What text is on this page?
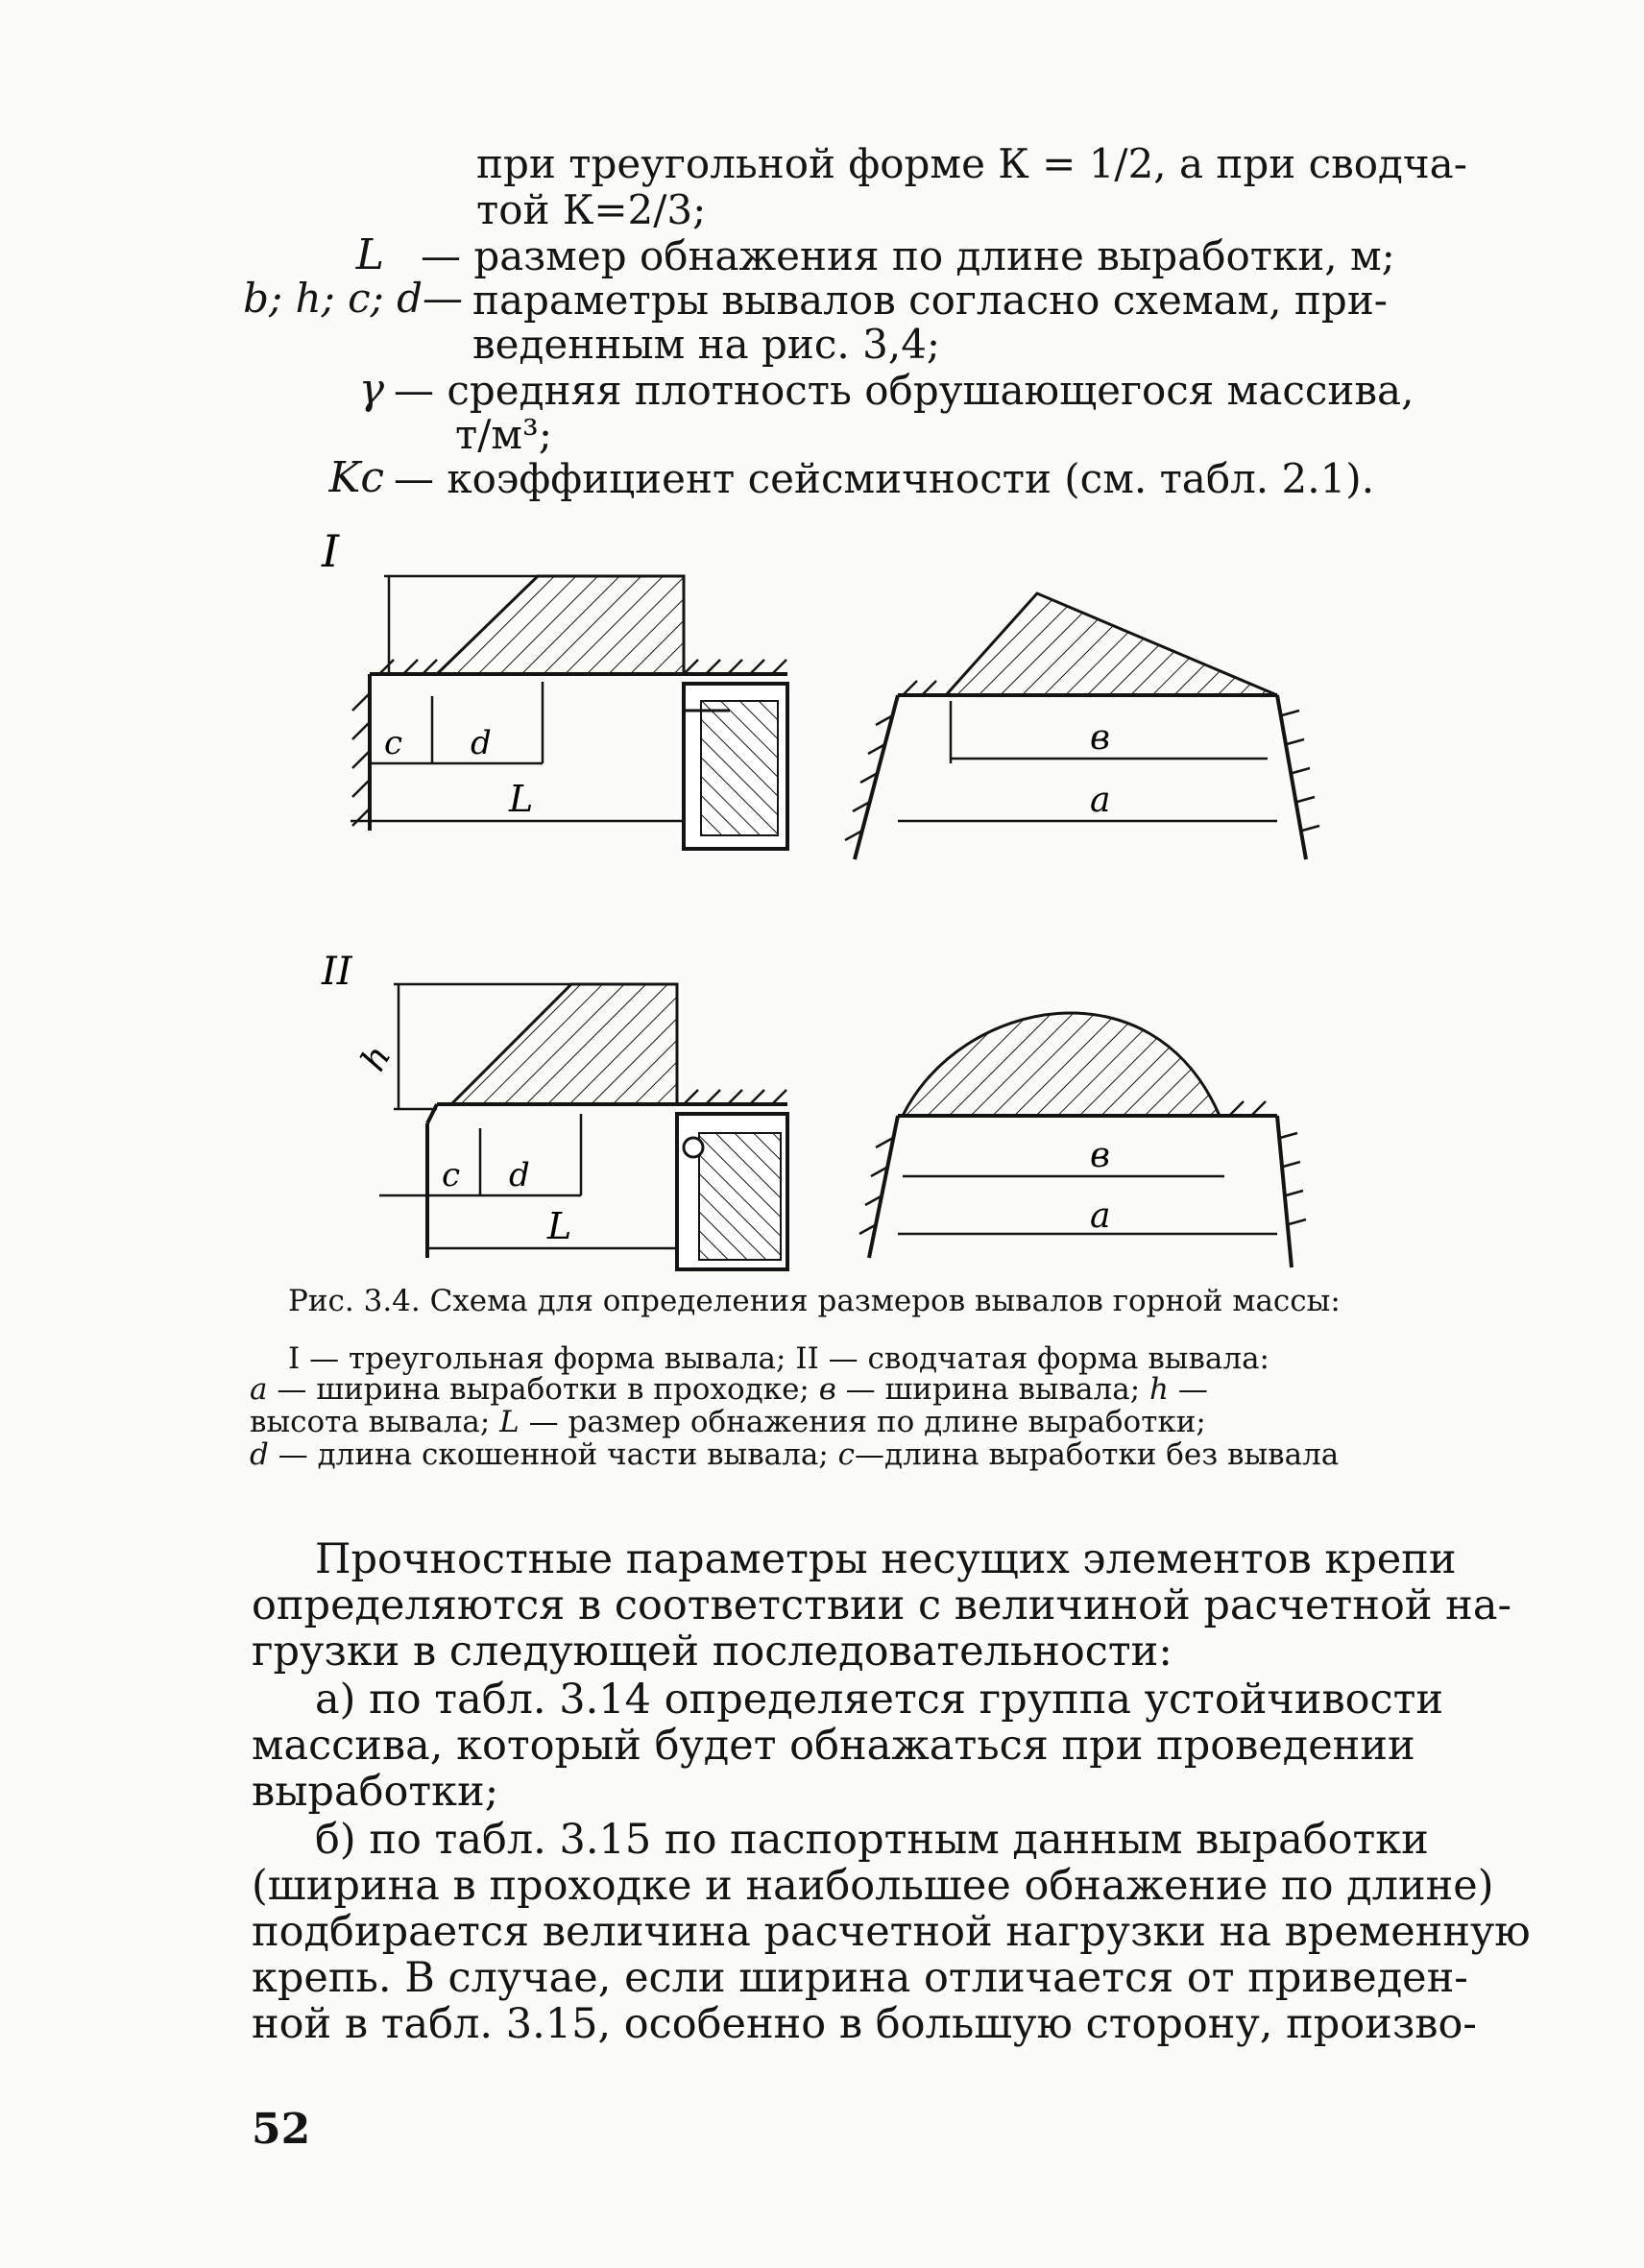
при треугольной форме К = 1/2, а при сводча-
той К=2/3;
L — размер обнажения по длине выработки, м;
b; h; c; d— параметры вывалов согласно схемам, при-
веденным на рис. 3,4;
γ — средняя плотность обрушающегося массива,
т/м³;
Kc — коэффициент сейсмичности (см. табл. 2.1).
I
II
c d
L
в
a
h
c d
L
в
a
Рис. 3.4. Схема для определения размеров вывалов горной массы:
I — треугольная форма вывала; II — сводчатая форма вывала:
a — ширина выработки в проходке; в — ширина вывала; h —
высота вывала; L — размер обнажения по длине выработки;
d — длина скошенной части вывала; c—длина выработки без вывала
Прочностные параметры несущих элементов крепи
определяются в соответствии с величиной расчетной на-
грузки в следующей последовательности:
а) по табл. 3.14 определяется группа устойчивости
массива, который будет обнажаться при проведении
выработки;
б) по табл. 3.15 по паспортным данным выработки
(ширина в проходке и наибольшее обнажение по длине)
подбирается величина расчетной нагрузки на временную
крепь. В случае, если ширина отличается от приведен-
ной в табл. 3.15, особенно в большую сторону, произво-
52
